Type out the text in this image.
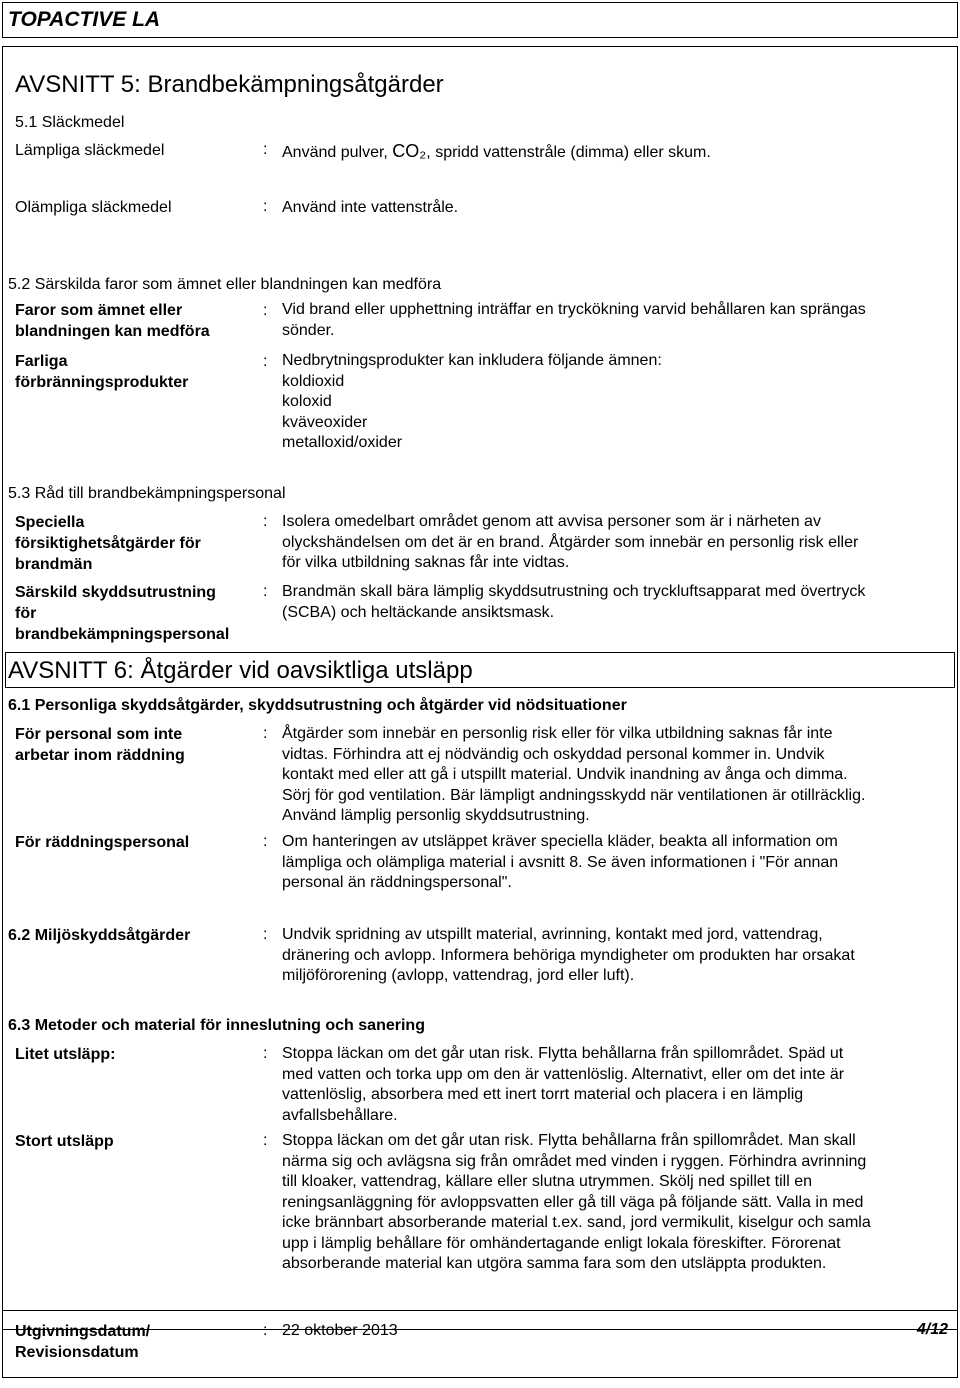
TOPACTIVE LA
AVSNITT 5: Brandbekämpningsåtgärder
5.1 Släckmedel
Lämpliga släckmedel	: Använd pulver, CO₂, spridd vattenstråle (dimma) eller skum.
Olämpliga släckmedel	: Använd inte vattenstråle.
5.2 Särskilda faror som ämnet eller blandningen kan medföra
Faror som ämnet eller
blandningen kan medföra
: Vid brand eller upphettning inträffar en tryckökning varvid behållaren kan sprängas
sönder.
Farliga
förbränningsprodukter
: Nedbrytningsprodukter kan inkludera följande ämnen:
koldioxid
koloxid
kväveoxider
metalloxid/oxider
5.3 Råd till brandbekämpningspersonal
Speciella
försiktighetsåtgärder för
brandmän
: Isolera omedelbart området genom att avvisa personer som är i närheten av
olyckshändelsen om det är en brand. Åtgärder som innebär en personlig risk eller
för vilka utbildning saknas får inte vidtas.
Särskild skyddsutrustning
för
brandbekämpningspersonal
: Brandmän skall bära lämplig skyddsutrustning och tryckluftsapparat med övertryck
(SCBA) och heltäckande ansiktsmask.
AVSNITT 6: Åtgärder vid oavsiktliga utsläpp
6.1 Personliga skyddsåtgärder, skyddsutrustning och åtgärder vid nödsituationer
För personal som inte
arbetar inom räddning
: Åtgärder som innebär en personlig risk eller för vilka utbildning saknas får inte
vidtas. Förhindra att ej nödvändig och oskyddad personal kommer in. Undvik
kontakt med eller att gå i utspillt material. Undvik inandning av ånga och dimma.
Sörj för god ventilation. Bär lämpligt andningsskydd när ventilationen är otillräcklig.
Använd lämplig personlig skyddsutrustning.
För räddningspersonal	: Om hanteringen av utsläppet kräver speciella kläder, beakta all information om
lämpliga och olämpliga material i avsnitt 8. Se även informationen i "För annan
personal än räddningspersonal".
6.2 Miljöskyddsåtgärder	: Undvik spridning av utspillt material, avrinning, kontakt med jord, vattendrag,
dränering och avlopp. Informera behöriga myndigheter om produkten har orsakat
miljöförorening (avlopp, vattendrag, jord eller luft).
6.3 Metoder och material för inneslutning och sanering
Litet utsläpp:	: Stoppa läckan om det går utan risk. Flytta behållarna från spillområdet. Späd ut
med vatten och torka upp om den är vattenlöslig. Alternativt, eller om det inte är
vattenlöslig, absorbera med ett inert torrt material och placera i en lämplig
avfallsbehållare.
Stort utsläpp	: Stoppa läckan om det går utan risk. Flytta behållarna från spillområdet. Man skall
närma sig och avlägsna sig från området med vinden i ryggen. Förhindra avrinning
till kloaker, vattendrag, källare eller slutna utrymmen. Skölj ned spillet till en
reningsanläggning för avloppsvatten eller gå till väga på följande sätt. Valla in med
icke brännbart absorberande material t.ex. sand, jord vermikulit, kiselgur och samla
upp i lämplig behållare för omhändertagande enligt lokala föreskifter. Förorenat
absorberande material kan utgöra samma fara som den utsläppta produkten.
Utgivningsdatum/
Revisionsdatum
: 22 oktober 2013	4/12
